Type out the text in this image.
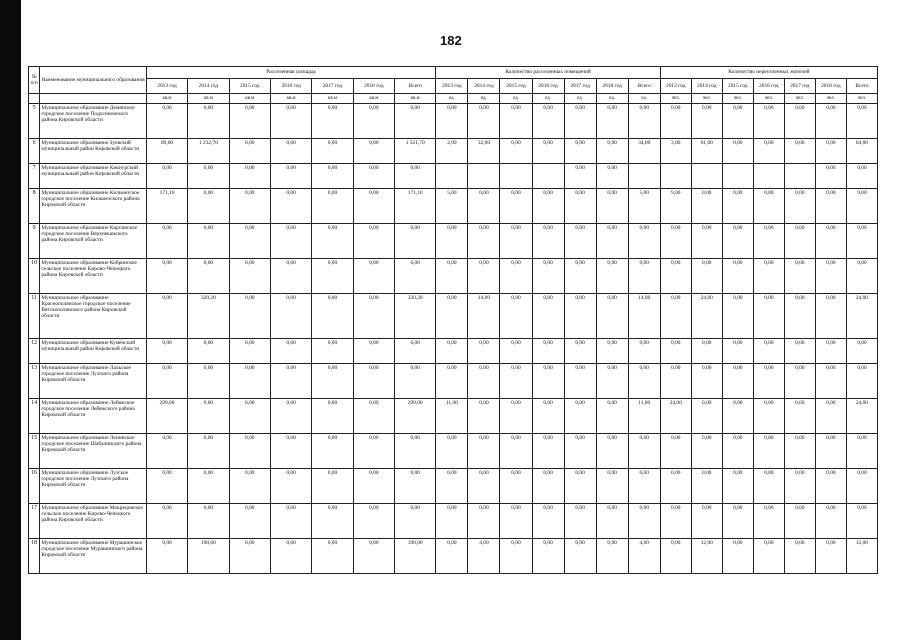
182
№ п/п	Наименование муниципального образования	Расселенная площадь							Количество расселенных помещений							Количество переселенных жителей						
		2013 год	2014 год	2015 год	2016 год	2017 год	2018 год	Всего	2013 год	2014 год	2015 год	2016 год	2017 год	2018 год	Всего	2013 год	2014 год	2015 год	2016 год	2017 год	2018 год	Всего
		кв.м	кв.м	кв.м	кв.м	кв.м	кв.м	кв.м	ед.	ед.	ед.	ед.	ед.	ед.	ед.	чел.	чел.	чел.	чел.	чел.	чел.	чел.
5	Муниципальное образование Демянское городское поселение Подосиновского района Кировской области	0,00	0,00	0,00	0,00	0,00	0,00	0,00	0,00	0,00	0,00	0,00	0,00	0,00	0,00	0,00	0,00	0,00	0,00	0,00	0,00	0,00
6	Муниципальное образование Зуевский муниципальный район Кировской области	89,00	1 232,70	0,00	0,00	0,00	0,00	1 321,70	2,00	32,00	0,00	0,00	0,00	0,00	34,00	3,00	61,00	0,00	0,00	0,00	0,00	64,00
7	Муниципальное образование Кикнурский муниципальный район Кировской области	0,00	0,00	0,00	0,00	0,00	0,00	0,00					0,00	0,00							0,00	0,00
8	Муниципальное образование Кильмезское городское поселение Кильмезского района Кировской области	171,10	0,00	0,00	0,00	0,00	0,00	171,10	5,00	0,00	0,00	0,00	0,00	0,00	5,00	9,00	0,00	0,00	0,00	0,00	0,00	9,00
9	Муниципальное образование Кирсинское городское поселение Верхнекамского района Кировской области	0,00	0,00	0,00	0,00	0,00	0,00	0,00	0,00	0,00	0,00	0,00	0,00	0,00	0,00	0,00	0,00	0,00	0,00	0,00	0,00	0,00
10	Муниципальное образование Кобринское сельское поселение Кирово-Чепецкого района Кировской области	0,00	0,00	0,00	0,00	0,00	0,00	0,00	0,00	0,00	0,00	0,00	0,00	0,00	0,00	0,00	0,00	0,00	0,00	0,00	0,00	0,00
11	Муниципальное образование Краснополянское городское поселение Вятскополянского района Кировской области	0,00	320,20	0,00	0,00	0,00	0,00	320,20	0,00	14,00	0,00	0,00	0,00	0,00	14,00	0,00	24,00	0,00	0,00	0,00	0,00	24,00
12	Муниципальное образование Кумёнский муниципальный район Кировской области	0,00	0,00	0,00	0,00	0,00	0,00	0,00	0,00	0,00	0,00	0,00	0,00	0,00	0,00	0,00	0,00	0,00	0,00	0,00	0,00	0,00
13	Муниципальное образование Лальское городское поселение Лузского района Кировской области	0,00	0,00	0,00	0,00	0,00	0,00	0,00	0,00	0,00	0,00	0,00	0,00	0,00	0,00	0,00	0,00	0,00	0,00	0,00	0,00	0,00
14	Муниципальное образование Лебяжское городское поселение Лебяжского района Кировской области	299,00	0,00	0,00	0,00	0,00	0,00	299,00	11,00	0,00	0,00	0,00	0,00	0,00	11,00	24,00	0,00	0,00	0,00	0,00	0,00	24,00
15	Муниципальное образование Ленинское городское поселение Шабалинского района Кировской области	0,00	0,00	0,00	0,00	0,00	0,00	0,00	0,00	0,00	0,00	0,00	0,00	0,00	0,00	0,00	0,00	0,00	0,00	0,00	0,00	0,00
16	Муниципальное образование Лузское городское поселение Лузского района Кировской области	0,00	0,00	0,00	0,00	0,00	0,00	0,00	0,00	0,00	0,00	0,00	0,00	0,00	0,00	0,00	0,00	0,00	0,00	0,00	0,00	0,00
17	Муниципальное образование Мокрецовское сельское поселение Кирово-Чепецкого района Кировской области	0,00	0,00	0,00	0,00	0,00	0,00	0,00	0,00	0,00	0,00	0,00	0,00	0,00	0,00	0,00	0,00	0,00	0,00	0,00	0,00	0,00
18	Муниципальное образование Мурашинское городское поселение Мурашинского района Кировской области	0,00	190,00	0,00	0,00	0,00	0,00	190,00	0,00	4,00	0,00	0,00	0,00	0,00	4,00	0,00	12,00	0,00	0,00	0,00	0,00	12,00
